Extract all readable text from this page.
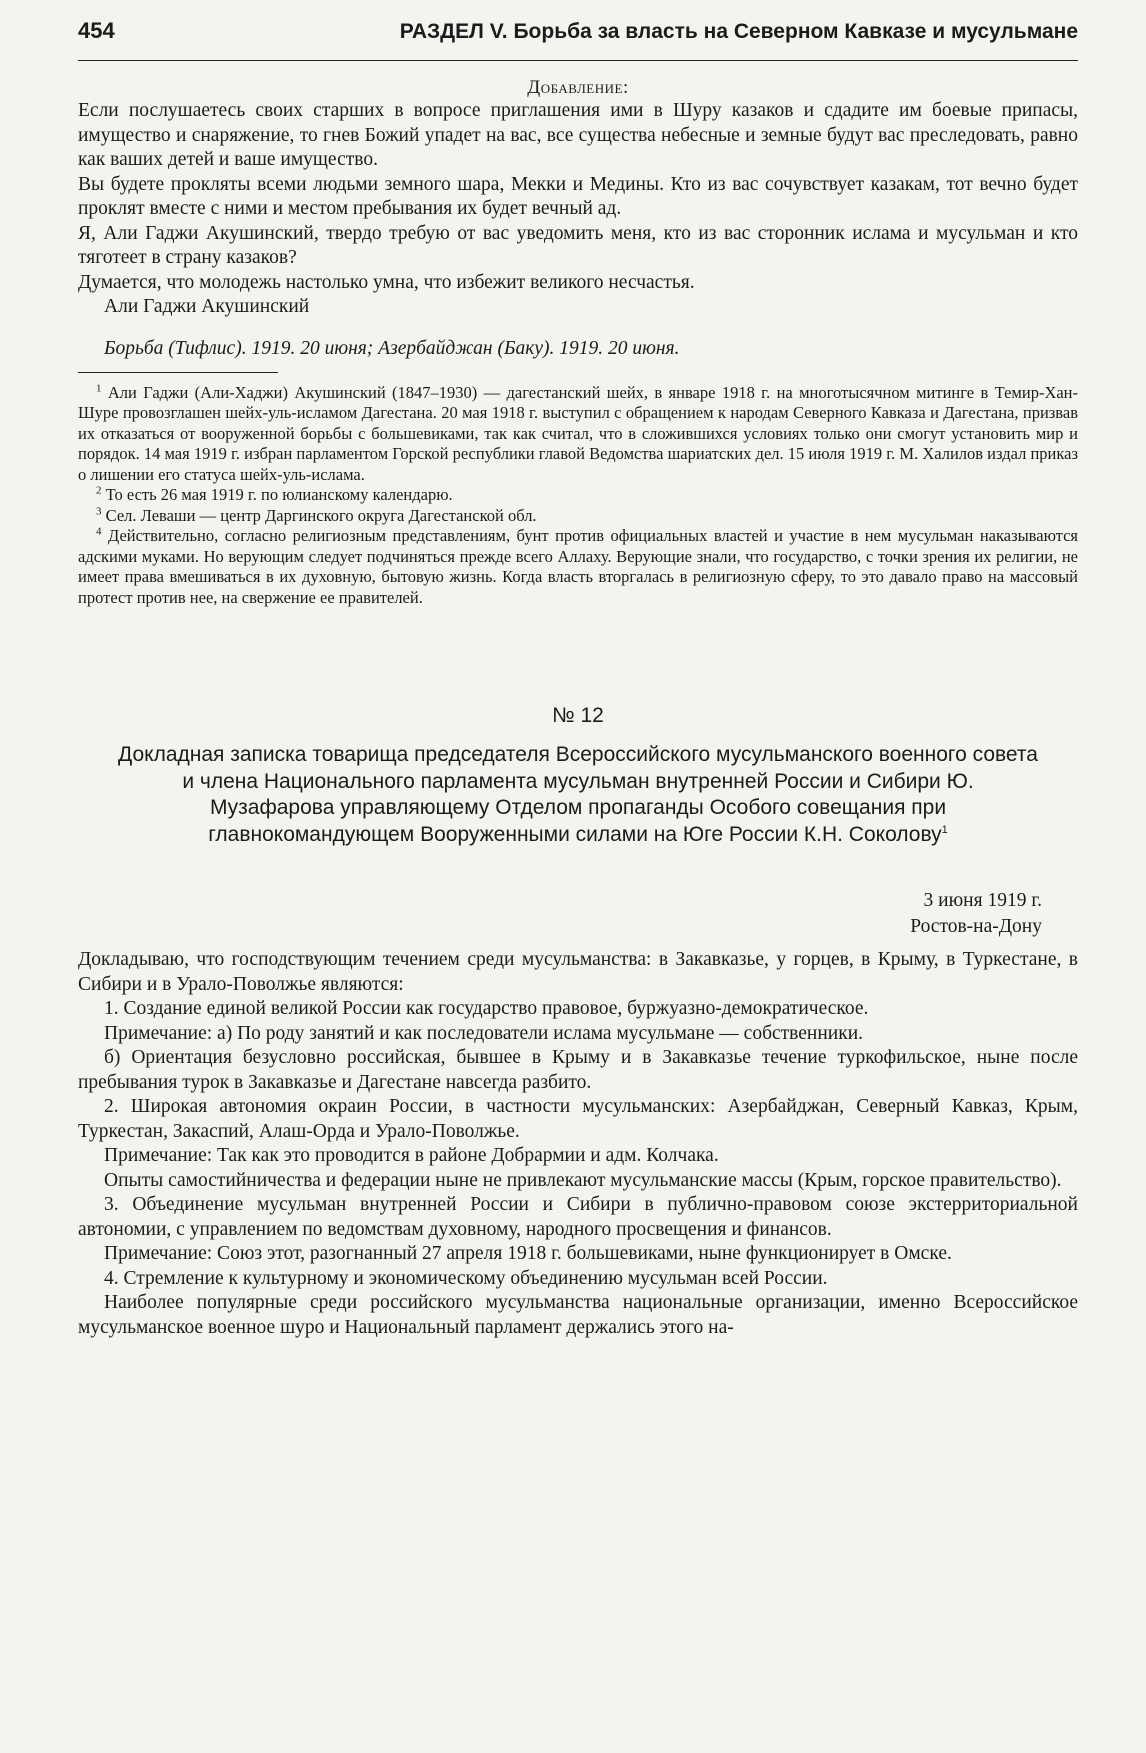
454	РАЗДЕЛ V. Борьба за власть на Северном Кавказе и мусульмане
Добавление:

Если послушаетесь своих старших в вопросе приглашения ими в Шуру казаков и сдадите им боевые припасы, имущество и снаряжение, то гнев Божий упадет на вас, все существа небесные и земные будут вас преследовать, равно как ваших детей и ваше имущество.

Вы будете прокляты всеми людьми земного шара, Мекки и Медины. Кто из вас сочувствует казакам, тот вечно будет проклят вместе с ними и местом пребывания их будет вечный ад.

Я, Али Гаджи Акушинский, твердо требую от вас уведомить меня, кто из вас сторонник ислама и мусульман и кто тяготеет в страну казаков?

Думается, что молодежь настолько умна, что избежит великого несчастья.

Али Гаджи Акушинский
Борьба (Тифлис). 1919. 20 июня; Азербайджан (Баку). 1919. 20 июня.

$^1$ Али Гаджи (Али-Хаджи) Акушинский (1847–1930) — дагестанский шейх, в январе 1918 г. на многотысячном митинге в Темир-Хан-Шуре провозглашен шейх-уль-исламом Дагестана. 20 мая 1918 г. выступил с обращением к народам Северного Кавказа и Дагестана, призвав их отказаться от вооруженной борьбы с большевиками, так как считал, что в сложившихся условиях только они смогут установить мир и порядок. 14 мая 1919 г. избран парламентом Горской республики главой Ведомства шариатских дел. 15 июля 1919 г. М. Халилов издал приказ о лишении его статуса шейх-уль-ислама.

$^2$ То есть 26 мая 1919 г. по юлианскому календарю.

$^3$ Сел. Леваши — центр Даргинского округа Дагестанской обл.

$^4$ Действительно, согласно религиозным представлениям, бунт против официальных властей и участие в нем мусульман наказываются адскими муками. Но верующим следует подчиняться прежде всего Аллаху. Верующие знали, что государство, с точки зрения их религии, не имеет права вмешиваться в их духовную, бытовую жизнь. Когда власть вторгалась в религиозную сферу, то это давало право на массовый протест против нее, на свержение ее правителей.

№ 12
Докладная записка товарища председателя Всероссийского мусульманского военного совета и члена Национального парламента мусульман внутренней России и Сибири Ю. Музафарова управляющему Отделом пропаганды Особого совещания при главнокомандующем Вооруженными силами на Юге России К.Н. Соколову$^1$
3 июня 1919 г.
Ростов-на-Дону

Докладываю, что господствующим течением среди мусульманства: в Закавказье, у горцев, в Крыму, в Туркестане, в Сибири и в Урало-Поволжье являются:

1. Создание единой великой России как государство правовое, буржуазно-демократическое.

Примечание: а) По роду занятий и как последователи ислама мусульмане — собственники.

б) Ориентация безусловно российская, бывшее в Крыму и в Закавказье течение туркофильское, ныне после пребывания турок в Закавказье и Дагестане навсегда разбито.

2. Широкая автономия окраин России, в частности мусульманских: Азербайджан, Северный Кавказ, Крым, Туркестан, Закаспий, Алаш-Орда и Урало-Поволжье.

Примечание: Так как это проводится в районе Добрармии и адм. Колчака.

Опыты самостийничества и федерации ныне не привлекают мусульманские массы (Крым, горское правительство).

3. Объединение мусульман внутренней России и Сибири в публично-правовом союзе экстерриториальной автономии, с управлением по ведомствам духовному, народного просвещения и финансов.

Примечание: Союз этот, разогнанный 27 апреля 1918 г. большевиками, ныне функционирует в Омске.

4. Стремление к культурному и экономическому объединению мусульман всей России.

Наиболее популярные среди российского мусульманства национальные организации, именно Всероссийское мусульманское военное шуро и Национальный парламент держались этого на-
